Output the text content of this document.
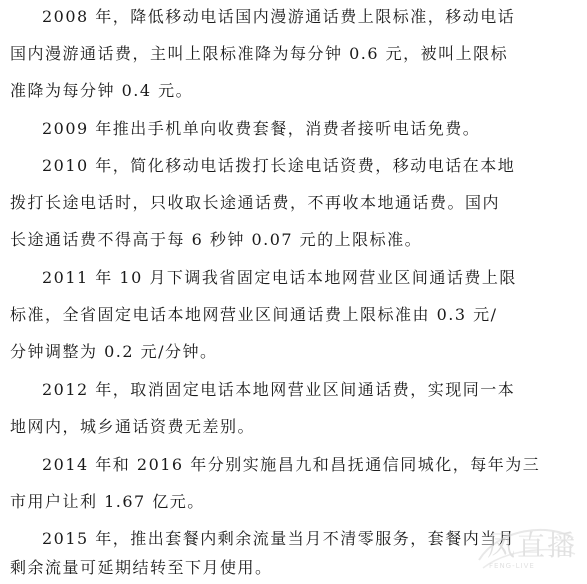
2008 年，降低移动电话国内漫游通话费上限标准，移动电话
国内漫游通话费，主叫上限标准降为每分钟 0.6 元，被叫上限标
准降为每分钟 0.4 元。
2009 年推出手机单向收费套餐，消费者接听电话免费。
2010 年，简化移动电话拨打长途电话资费，移动电话在本地
拨打长途电话时，只收取长途通话费，不再收本地通话费。国内
长途通话费不得高于每 6 秒钟 0.07 元的上限标准。
2011 年 10 月下调我省固定电话本地网营业区间通话费上限
标准，全省固定电话本地网营业区间通话费上限标准由 0.3 元/
分钟调整为 0.2 元/分钟。
2012 年，取消固定电话本地网营业区间通话费，实现同一本
地网内，城乡通话资费无差别。
2014 年和 2016 年分别实施昌九和昌抚通信同城化，每年为三
市用户让利 1.67 亿元。
2015 年，推出套餐内剩余流量当月不清零服务，套餐内当月
剩余流量可延期结转至下月使用。
凤直播
FENG-LIVE
